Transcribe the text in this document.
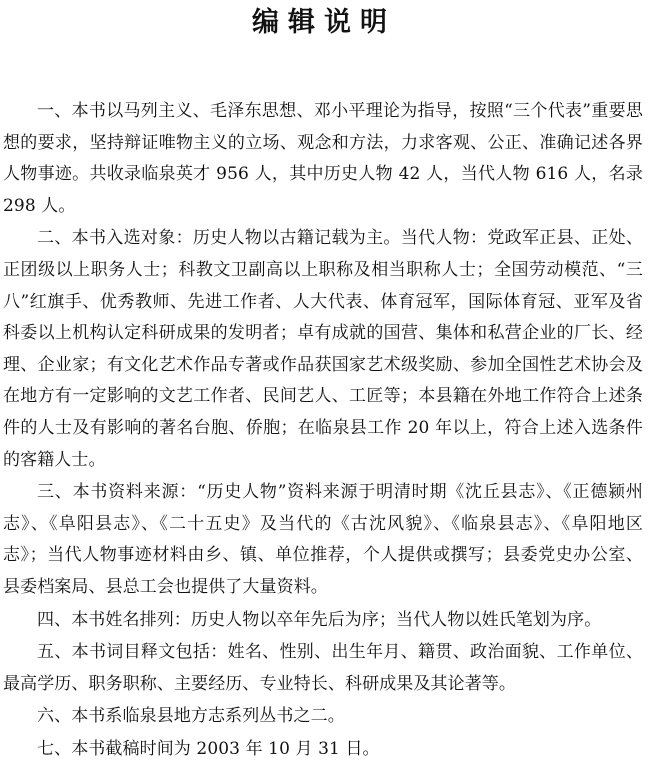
编辑说明

一、本书以马列主义、毛泽东思想、邓小平理论为指导，按照“三个代表”重要思想的要求，坚持辩证唯物主义的立场、观念和方法，力求客观、公正、准确记述各界人物事迹。共收录临泉英才 956 人，其中历史人物 42 人，当代人物 616 人，名录 298 人。

二、本书入选对象：历史人物以古籍记载为主。当代人物：党政军正县、正处、正团级以上职务人士；科教文卫副高以上职称及相当职称人士；全国劳动模范、“三八”红旗手、优秀教师、先进工作者、人大代表、体育冠军，国际体育冠、亚军及省科委以上机构认定科研成果的发明者；卓有成就的国营、集体和私营企业的厂长、经理、企业家；有文化艺术作品专著或作品获国家艺术级奖励、参加全国性艺术协会及在地方有一定影响的文艺工作者、民间艺人、工匠等；本县籍在外地工作符合上述条件的人士及有影响的著名台胞、侨胞；在临泉县工作 20 年以上，符合上述入选条件的客籍人士。

三、本书资料来源：“历史人物”资料来源于明清时期《沈丘县志》、《正德颍州志》、《阜阳县志》、《二十五史》及当代的《古沈风貌》、《临泉县志》、《阜阳地区志》；当代人物事迹材料由乡、镇、单位推荐，个人提供或撰写；县委党史办公室、县委档案局、县总工会也提供了大量资料。

四、本书姓名排列：历史人物以卒年先后为序；当代人物以姓氏笔划为序。

五、本书词目释文包括：姓名、性别、出生年月、籍贯、政治面貌、工作单位、最高学历、职务职称、主要经历、专业特长、科研成果及其论著等。

六、本书系临泉县地方志系列丛书之二。

七、本书截稿时间为 2003 年 10 月 31 日。
